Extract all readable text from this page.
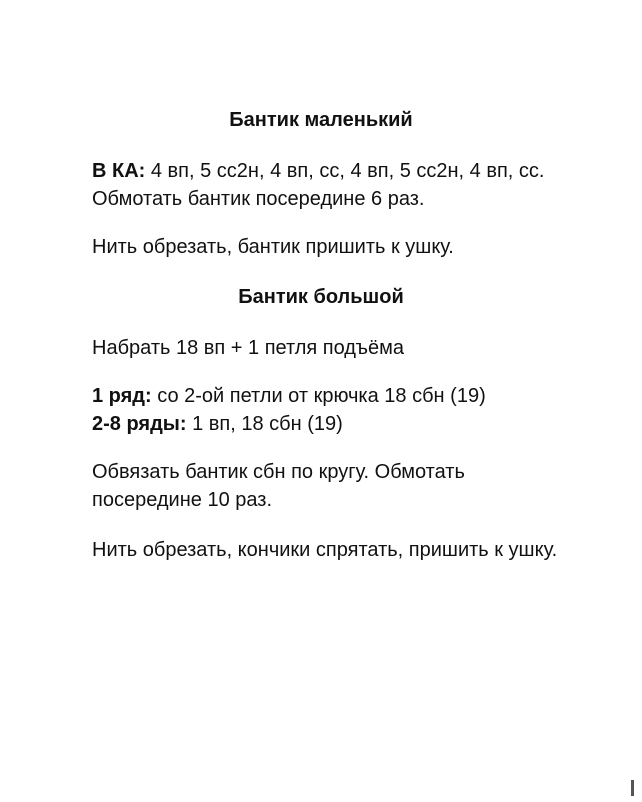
Бантик маленький

В КА: 4 вп, 5 сс2н, 4 вп, сс, 4 вп, 5 сс2н, 4 вп, сс. Обмотать бантик посередине 6 раз.

Нить обрезать, бантик пришить к ушку.

Бантик большой

Набрать 18 вп + 1 петля подъёма

1 ряд: со 2-ой петли от крючка 18 сбн (19)
2-8 ряды: 1 вп, 18 сбн (19)

Обвязать бантик сбн по кругу. Обмотать посередине 10 раз.

Нить обрезать, кончики спрятать, пришить к ушку.
